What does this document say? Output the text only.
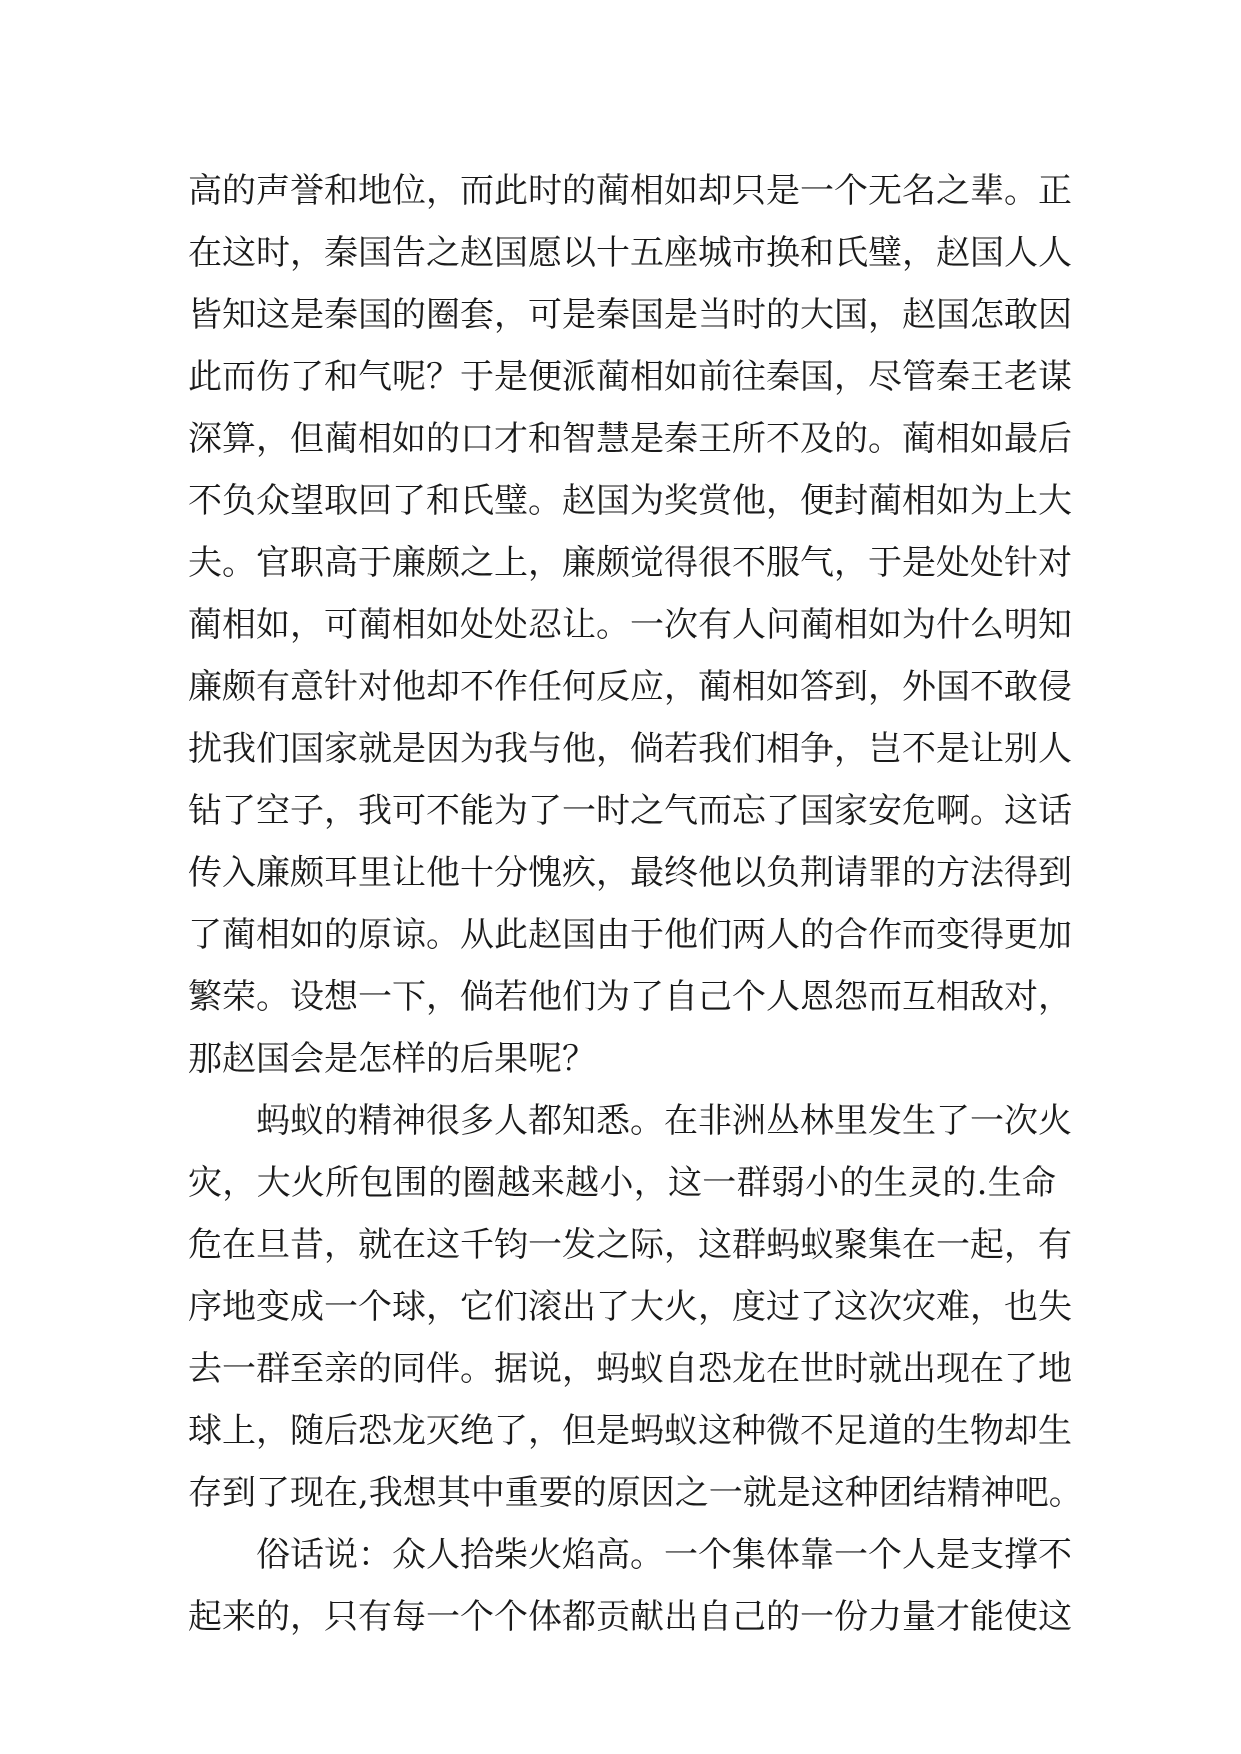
高的声誉和地位，而此时的蔺相如却只是一个无名之辈。正
在这时，秦国告之赵国愿以十五座城市换和氏璧，赵国人人
皆知这是秦国的圈套，可是秦国是当时的大国，赵国怎敢因
此而伤了和气呢？于是便派蔺相如前往秦国，尽管秦王老谋
深算，但蔺相如的口才和智慧是秦王所不及的。蔺相如最后
不负众望取回了和氏璧。赵国为奖赏他，便封蔺相如为上大
夫。官职高于廉颇之上，廉颇觉得很不服气，于是处处针对
蔺相如，可蔺相如处处忍让。一次有人问蔺相如为什么明知
廉颇有意针对他却不作任何反应，蔺相如答到，外国不敢侵
扰我们国家就是因为我与他，倘若我们相争，岂不是让别人
钻了空子，我可不能为了一时之气而忘了国家安危啊。这话
传入廉颇耳里让他十分愧疚，最终他以负荆请罪的方法得到
了蔺相如的原谅。从此赵国由于他们两人的合作而变得更加
繁荣。设想一下，倘若他们为了自己个人恩怨而互相敌对，
那赵国会是怎样的后果呢？
蚂蚁的精神很多人都知悉。在非洲丛林里发生了一次火
灾，大火所包围的圈越来越小，这一群弱小的生灵的.生命
危在旦昔，就在这千钧一发之际，这群蚂蚁聚集在一起，有
序地变成一个球，它们滚出了大火，度过了这次灾难，也失
去一群至亲的同伴。据说，蚂蚁自恐龙在世时就出现在了地
球上，随后恐龙灭绝了，但是蚂蚁这种微不足道的生物却生
存到了现在,我想其中重要的原因之一就是这种团结精神吧。
俗话说：众人拾柴火焰高。一个集体靠一个人是支撑不
起来的，只有每一个个体都贡献出自己的一份力量才能使这
